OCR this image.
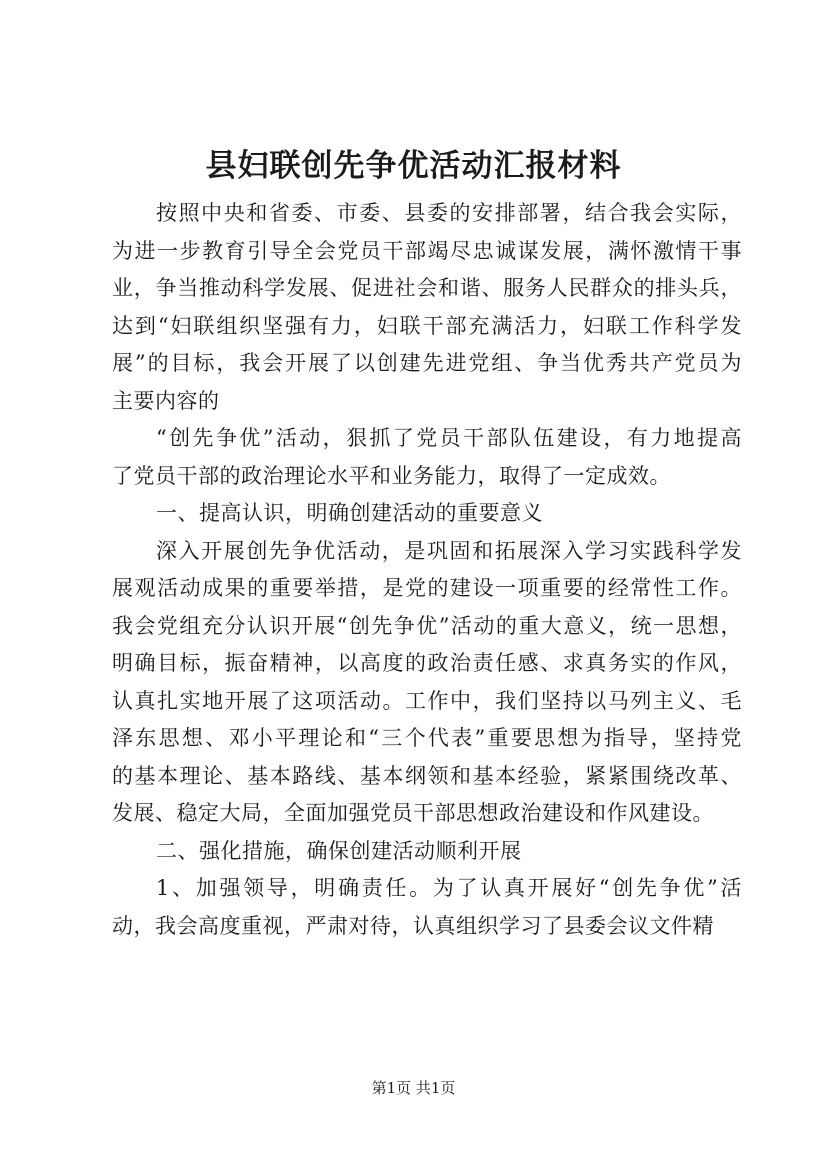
县妇联创先争优活动汇报材料
按照中央和省委、市委、县委的安排部署，结合我会实际，
为进一步教育引导全会党员干部竭尽忠诚谋发展，满怀激情干事
业，争当推动科学发展、促进社会和谐、服务人民群众的排头兵，
达到“妇联组织坚强有力，妇联干部充满活力，妇联工作科学发
展”的目标，我会开展了以创建先进党组、争当优秀共产党员为
主要内容的
“创先争优”活动，狠抓了党员干部队伍建设，有力地提高
了党员干部的政治理论水平和业务能力，取得了一定成效。
一、提高认识，明确创建活动的重要意义
深入开展创先争优活动，是巩固和拓展深入学习实践科学发
展观活动成果的重要举措，是党的建设一项重要的经常性工作。
我会党组充分认识开展“创先争优”活动的重大意义，统一思想，
明确目标，振奋精神，以高度的政治责任感、求真务实的作风，
认真扎实地开展了这项活动。工作中，我们坚持以马列主义、毛
泽东思想、邓小平理论和“三个代表”重要思想为指导，坚持党
的基本理论、基本路线、基本纲领和基本经验，紧紧围绕改革、
发展、稳定大局，全面加强党员干部思想政治建设和作风建设。
二、强化措施，确保创建活动顺利开展
1、加强领导，明确责任。为了认真开展好“创先争优”活
动，我会高度重视，严肃对待，认真组织学习了县委会议文件精
第1页 共1页
